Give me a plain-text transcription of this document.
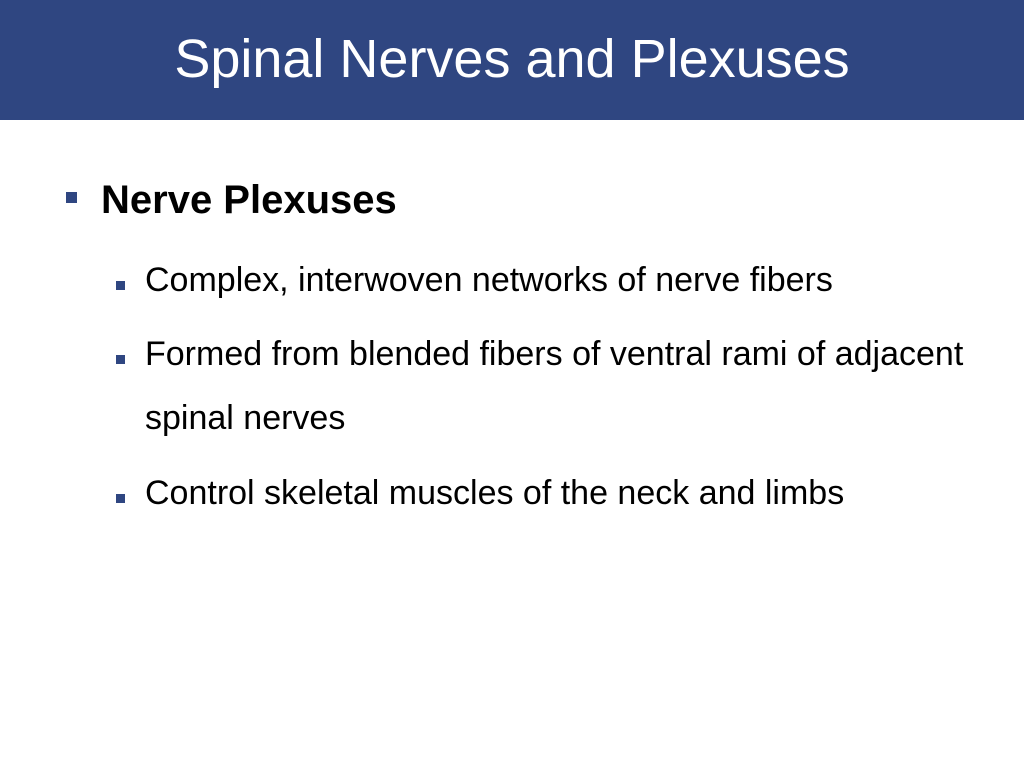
Spinal Nerves and Plexuses
Nerve Plexuses
Complex, interwoven networks of nerve fibers
Formed from blended fibers of ventral rami of adjacent spinal nerves
Control skeletal muscles of the neck and limbs
